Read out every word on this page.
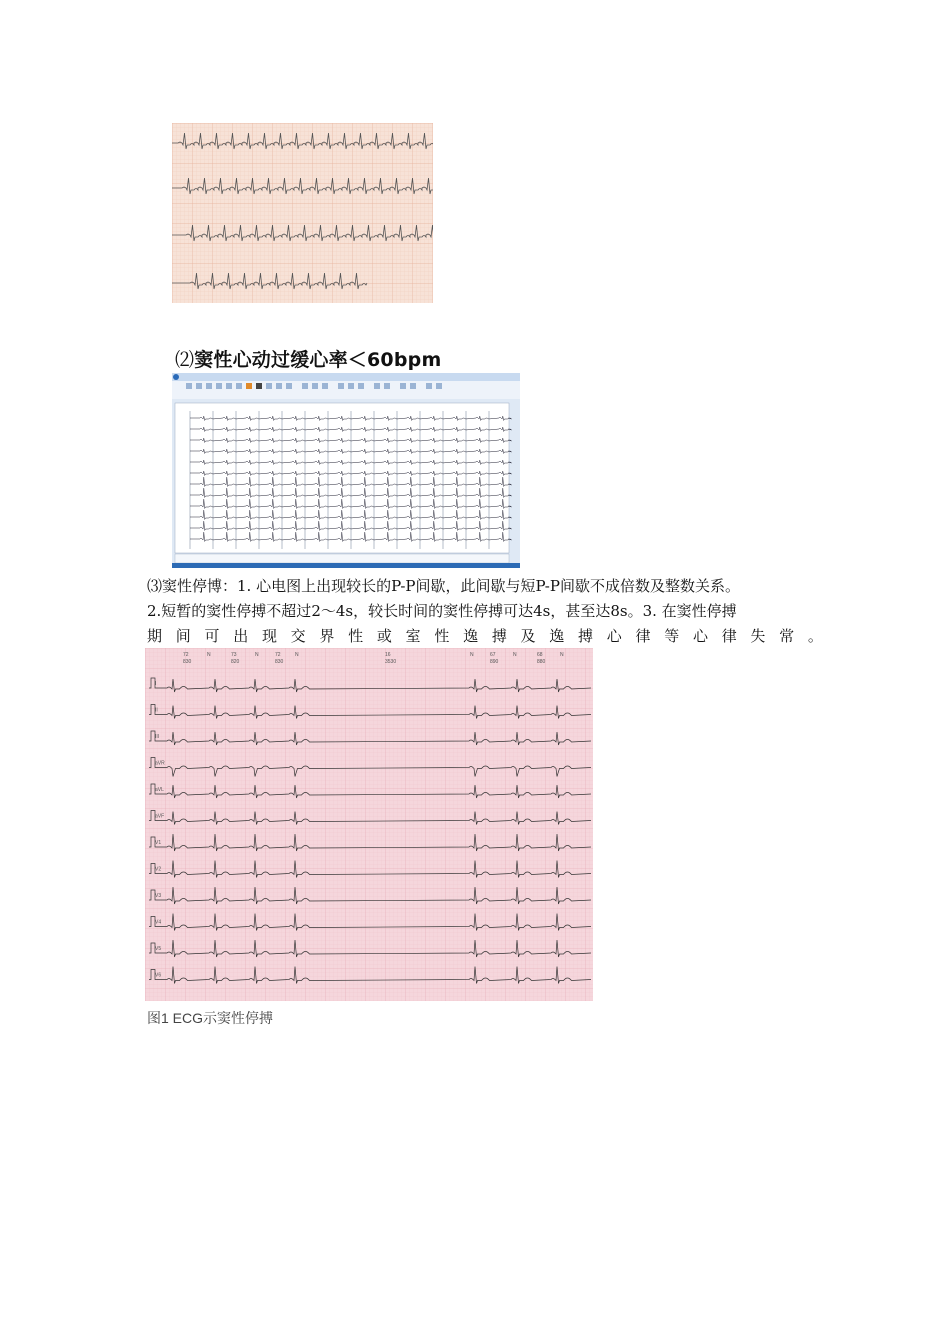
⑵窦性心动过缓心率＜60bpm
⑶窦性停博：1. 心电图上出现较长的P-P间歇，此间歇与短P-P间歇不成倍数及整数关系。
2.短暂的窦性停搏不超过2～4s，较长时间的窦性停搏可达4s，甚至达8s。3. 在窦性停搏
期 间 可 出 现 交 界 性 或 室 性 逸 搏 及 逸 搏 心 律 等 心 律 失 常 。
72	N	73	N	72	N	16	N	67	N	68	N
830	820	830	3530	890	880
I
II
III
aVR
aVL
aVF
V1
V2
V3
V4
V5
V6
图1 ECG示窦性停搏
